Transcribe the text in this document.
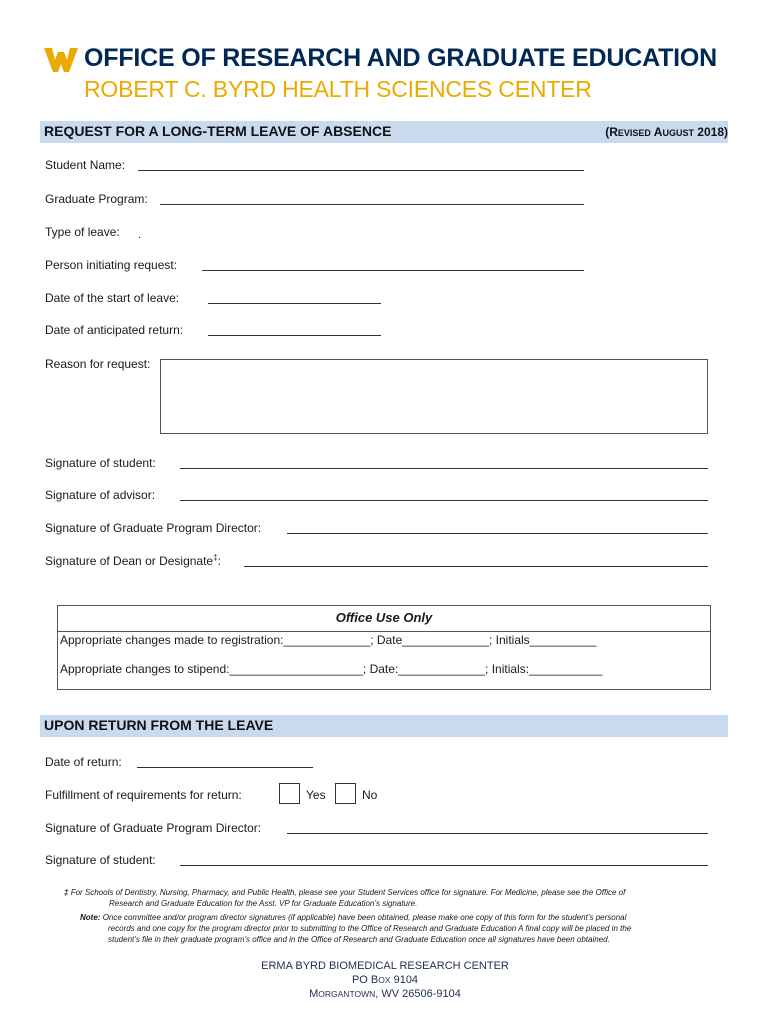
OFFICE OF RESEARCH AND GRADUATE EDUCATION
ROBERT C. BYRD HEALTH SCIENCES CENTER
REQUEST FOR A LONG-TERM LEAVE OF ABSENCE	(REVISED AUGUST 2018)
Student Name:
Graduate Program:
Type of leave: .
Person initiating request:
Date of the start of leave:
Date of anticipated return:
Reason for request:
Signature of student:
Signature of advisor:
Signature of Graduate Program Director:
Signature of Dean or Designate‡:
Office Use Only
Appropriate changes made to registration:_____________; Date_____________; Initials__________
Appropriate changes to stipend:____________________; Date:_____________; Initials:___________
UPON RETURN FROM THE LEAVE
Date of return:
Fulfillment of requirements for return:	Yes	No
Signature of Graduate Program Director:
Signature of student:
‡ For Schools of Dentistry, Nursing, Pharmacy, and Public Health, please see your Student Services office for signature. For Medicine, please see the Office of
Research and Graduate Education for the Asst. VP for Graduate Education’s signature.
Note: Once committee and/or program director signatures (if applicable) have been obtained, please make one copy of this form for the student’s personal
records and one copy for the program director prior to submitting to the Office of Research and Graduate Education A final copy will be placed in the
student’s file in their graduate program’s office and in the Office of Research and Graduate Education once all signatures have been obtained.
ERMA BYRD BIOMEDICAL RESEARCH CENTER
PO BOX 9104
MORGANTOWN, WV 26506-9104
